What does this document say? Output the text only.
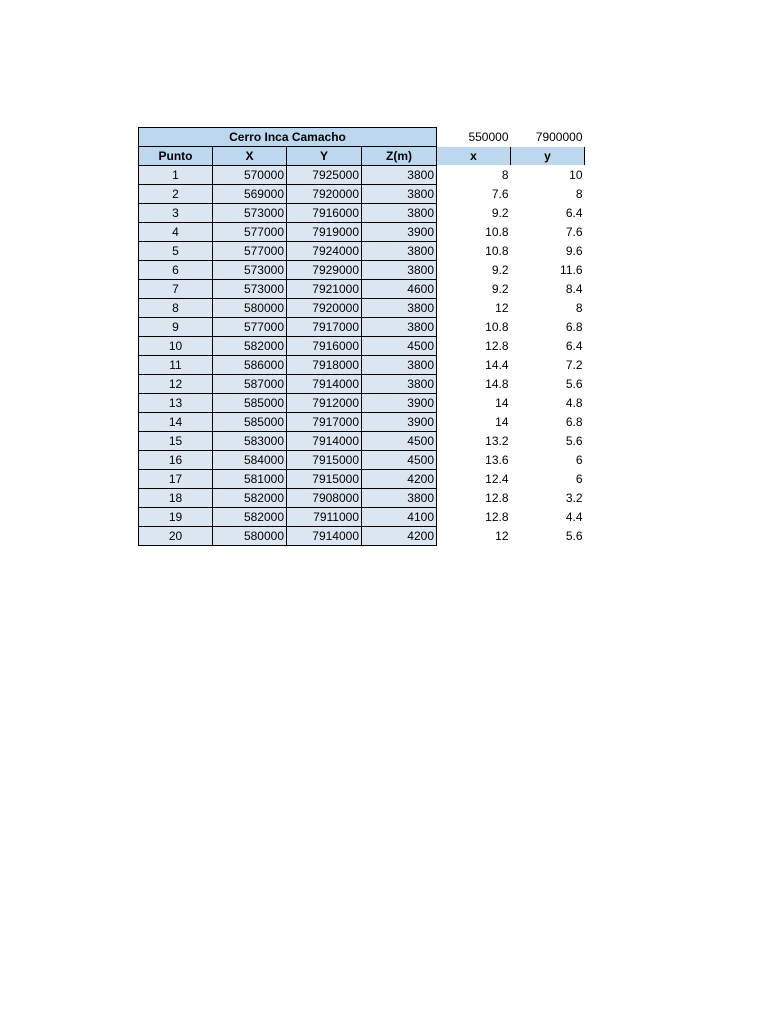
Cerro Inca Camacho				550000	7900000
Punto	X	Y	Z(m)	x	y
1	570000	7925000	3800	8	10
2	569000	7920000	3800	7.6	8
3	573000	7916000	3800	9.2	6.4
4	577000	7919000	3900	10.8	7.6
5	577000	7924000	3800	10.8	9.6
6	573000	7929000	3800	9.2	11.6
7	573000	7921000	4600	9.2	8.4
8	580000	7920000	3800	12	8
9	577000	7917000	3800	10.8	6.8
10	582000	7916000	4500	12.8	6.4
11	586000	7918000	3800	14.4	7.2
12	587000	7914000	3800	14.8	5.6
13	585000	7912000	3900	14	4.8
14	585000	7917000	3900	14	6.8
15	583000	7914000	4500	13.2	5.6
16	584000	7915000	4500	13.6	6
17	581000	7915000	4200	12.4	6
18	582000	7908000	3800	12.8	3.2
19	582000	7911000	4100	12.8	4.4
20	580000	7914000	4200	12	5.6
